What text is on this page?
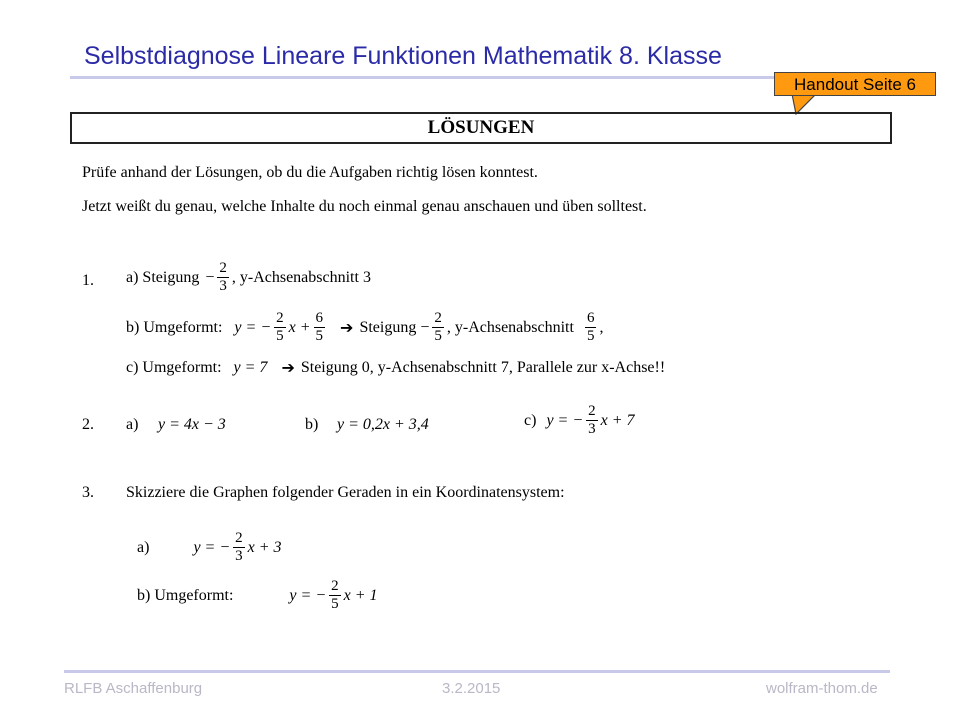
Selbstdiagnose Lineare Funktionen Mathematik 8. Klasse
Handout Seite 6
LÖSUNGEN
Prüfe anhand der Lösungen, ob du die Aufgaben richtig lösen konntest.
Jetzt weißt du genau, welche Inhalte du noch einmal genau anschauen und üben solltest.
1. a) Steigung − $\frac{2}{3}$ , y-Achsenabschnitt 3
b) Umgeformt: y = − $\frac{2}{5}$ $x + \frac{6}{5}$ ➔ Steigung − $\frac{2}{5}$ , y-Achsenabschnitt $\frac{6}{5}$ ,
c) Umgeformt: y = 7 ➔ Steigung 0, y-Achsenabschnitt 7, Parallele zur x-Achse!!
2. a) y = 4x − 3	b) y = 0,2x + 3,4	c) y = − $\frac{2}{3}$ x + 7
3. Skizziere die Graphen folgender Geraden in ein Koordinatensystem:
a)	y = − $\frac{2}{3}$ x + 3
b) Umgeformt:	y = − $\frac{2}{5}$ x + 1
RLFB Aschaffenburg	3.2.2015	wolfram-thom.de
